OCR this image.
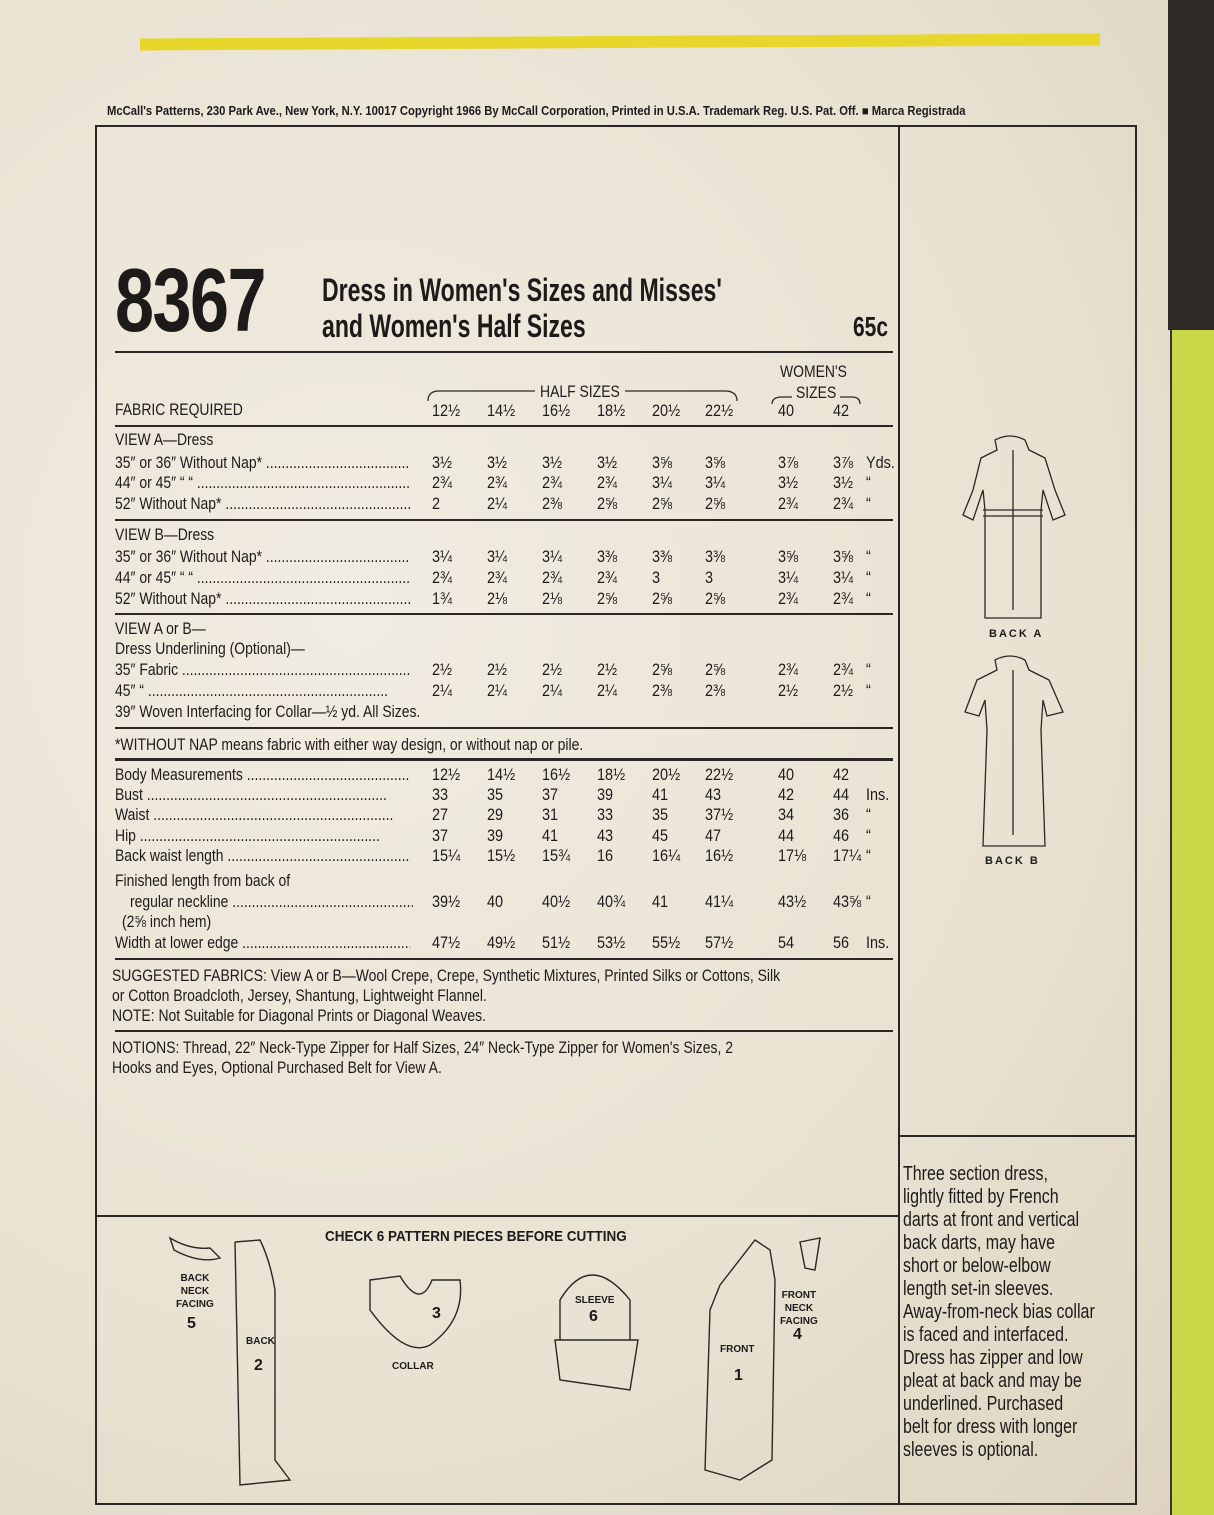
McCall's Patterns, 230 Park Ave., New York, N.Y. 10017 Copyright 1966 By McCall Corporation, Printed in U.S.A. Trademark Reg. U.S. Pat. Off. ■ Marca Registrada
8367 Dress in Women's Sizes and Misses'
and Women's Half Sizes	65c
FABRIC REQUIRED
HALF SIZES
WOMEN'S
SIZES
BACK A
BACK B
Three section dress,
lightly fitted by French
darts at front and vertical
back darts, may have
short or below-elbow
length set-in sleeves.
Away-from-neck bias collar
is faced and interfaced.
Dress has zipper and low
pleat at back and may be
underlined. Purchased
belt for dress with longer
sleeves is optional.
CHECK 6 PATTERN PIECES BEFORE CUTTING
BACK
NECK
FACING
5
BACK
2
3
COLLAR
SLEEVE
6
FRONT
1
FRONT
NECK
FACING
4
12½ 14½ 16½ 18½ 20½ 22½	40 42
VIEW A—Dress
35″ or 36″ Without Nap* .....	3½ 3½ 3½ 3½ 3⅝ 3⅝	3⅞ 3⅞ Yds.
44″ or 45″ “ “ .....	2¾ 2¾ 2¾ 2¾ 3¼ 3¼	3½ 3½ “
52″ Without Nap* .....	2	2¼ 2⅜ 2⅝ 2⅝ 2⅝	2¾ 2¾ “
VIEW B—Dress
35″ or 36″ Without Nap* .....	3¼ 3¼ 3¼ 3⅜ 3⅜ 3⅜	3⅝ 3⅝ “
44″ or 45″ “ “ .....	2¾ 2¾ 2¾ 2¾ 3	3	3¼ 3¼ “
52″ Without Nap* .....	1¾ 2⅛ 2⅛ 2⅝ 2⅝ 2⅝	2¾ 2¾ “
VIEW A or B—
Dress Underlining (Optional)—
35″ Fabric .....	2½ 2½ 2½ 2½ 2⅝ 2⅝	2¾ 2¾ “
45″ “ .....	2¼ 2¼ 2¼ 2¼ 2⅜ 2⅜	2½ 2½ “
39″ Woven Interfacing for Collar—½ yd. All Sizes.
*WITHOUT NAP means fabric with either way design, or without nap or pile.
Body Measurements .....	12½ 14½ 16½ 18½ 20½ 22½	40 42
Bust .....	33 35 37 39 41 43	42 44 Ins.
Waist .....	27 29 31 33 35 37½	34 36 “
Hip .....	37 39 41 43 45 47	44 46 “
Back waist length .....	15¼ 15½ 15¾ 16 16¼ 16½	17⅛ 17¼ “
Finished length from back of
regular neckline .....	39½ 40 40½ 40¾ 41 41¼	43½ 43⅝ “
(2⅝ inch hem)
Width at lower edge .....	47½ 49½ 51½ 53½ 55½ 57½	54 56 Ins.
SUGGESTED FABRICS: View A or B—Wool Crepe, Crepe, Synthetic Mixtures, Printed Silks or Cottons, Silk
or Cotton Broadcloth, Jersey, Shantung, Lightweight Flannel.
NOTE: Not Suitable for Diagonal Prints or Diagonal Weaves.
NOTIONS: Thread, 22″ Neck-Type Zipper for Half Sizes, 24″ Neck-Type Zipper for Women's Sizes, 2
Hooks and Eyes, Optional Purchased Belt for View A.
